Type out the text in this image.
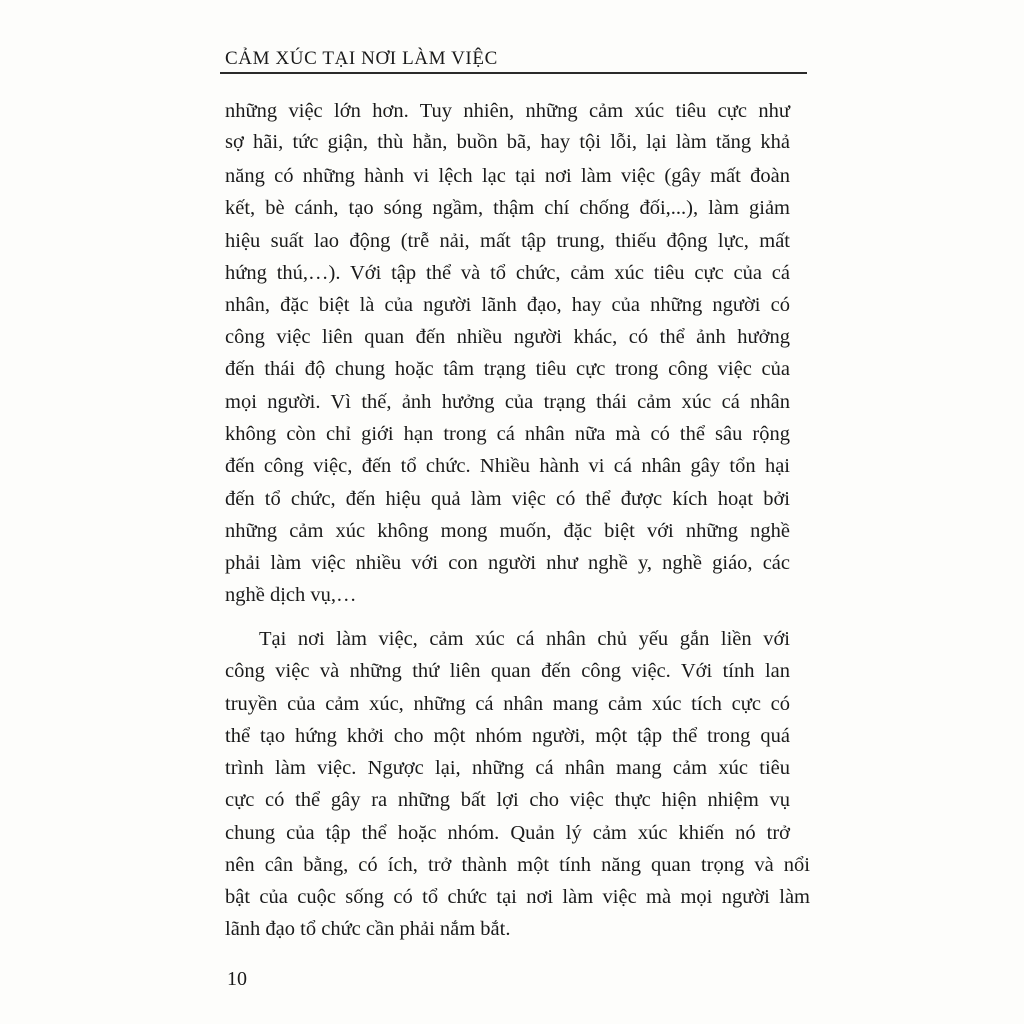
CẢM XÚC TẠI NƠI LÀM VIỆC
những việc lớn hơn. Tuy nhiên, những cảm xúc tiêu cực như
sợ hãi, tức giận, thù hằn, buồn bã, hay tội lỗi, lại làm tăng khả
năng có những hành vi lệch lạc tại nơi làm việc (gây mất đoàn
kết, bè cánh, tạo sóng ngầm, thậm chí chống đối,...), làm giảm
hiệu suất lao động (trễ nải, mất tập trung, thiếu động lực, mất
hứng thú,…). Với tập thể và tổ chức, cảm xúc tiêu cực của cá
nhân, đặc biệt là của người lãnh đạo, hay của những người có
công việc liên quan đến nhiều người khác, có thể ảnh hưởng
đến thái độ chung hoặc tâm trạng tiêu cực trong công việc của
mọi người. Vì thế, ảnh hưởng của trạng thái cảm xúc cá nhân
không còn chỉ giới hạn trong cá nhân nữa mà có thể sâu rộng
đến công việc, đến tổ chức. Nhiều hành vi cá nhân gây tổn hại
đến tổ chức, đến hiệu quả làm việc có thể được kích hoạt bởi
những cảm xúc không mong muốn, đặc biệt với những nghề
phải làm việc nhiều với con người như nghề y, nghề giáo, các
nghề dịch vụ,…
Tại nơi làm việc, cảm xúc cá nhân chủ yếu gắn liền với
công việc và những thứ liên quan đến công việc. Với tính lan
truyền của cảm xúc, những cá nhân mang cảm xúc tích cực có
thể tạo hứng khởi cho một nhóm người, một tập thể trong quá
trình làm việc. Ngược lại, những cá nhân mang cảm xúc tiêu
cực có thể gây ra những bất lợi cho việc thực hiện nhiệm vụ
chung của tập thể hoặc nhóm. Quản lý cảm xúc khiến nó trở
nên cân bằng, có ích, trở thành một tính năng quan trọng và nổi
bật của cuộc sống có tổ chức tại nơi làm việc mà mọi người làm
lãnh đạo tổ chức cần phải nắm bắt.
10
